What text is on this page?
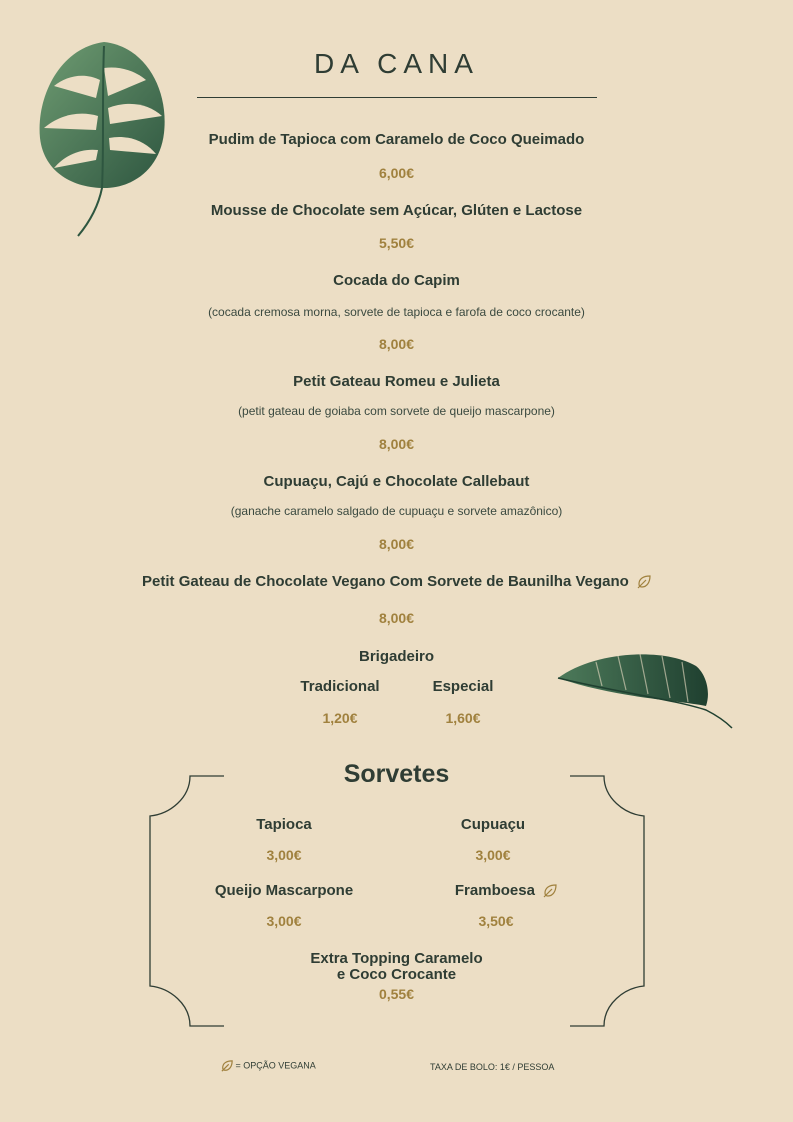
DA CANA
Pudim de Tapioca com Caramelo de Coco Queimado
6,00€
Mousse de Chocolate sem Açúcar, Glúten e Lactose
5,50€
Cocada do Capim
(cocada cremosa morna, sorvete de tapioca e farofa de coco crocante)
8,00€
Petit Gateau Romeu e Julieta
(petit gateau de goiaba com sorvete de queijo mascarpone)
8,00€
Cupuaçu, Cajú e Chocolate Callebaut
(ganache caramelo salgado de cupuaçu e sorvete amazônico)
8,00€
Petit Gateau de Chocolate Vegano Com Sorvete de Baunilha Vegano
8,00€
Brigadeiro
Tradicional
1,20€
Especial
1,60€
Sorvetes
Tapioca
3,00€
Cupuaçu
3,00€
Queijo Mascarpone
3,00€
Framboesa
3,50€
Extra Topping Caramelo
e Coco Crocante
0,55€
= OPÇÃO VEGANA	TAXA DE BOLO: 1€ / PESSOA
